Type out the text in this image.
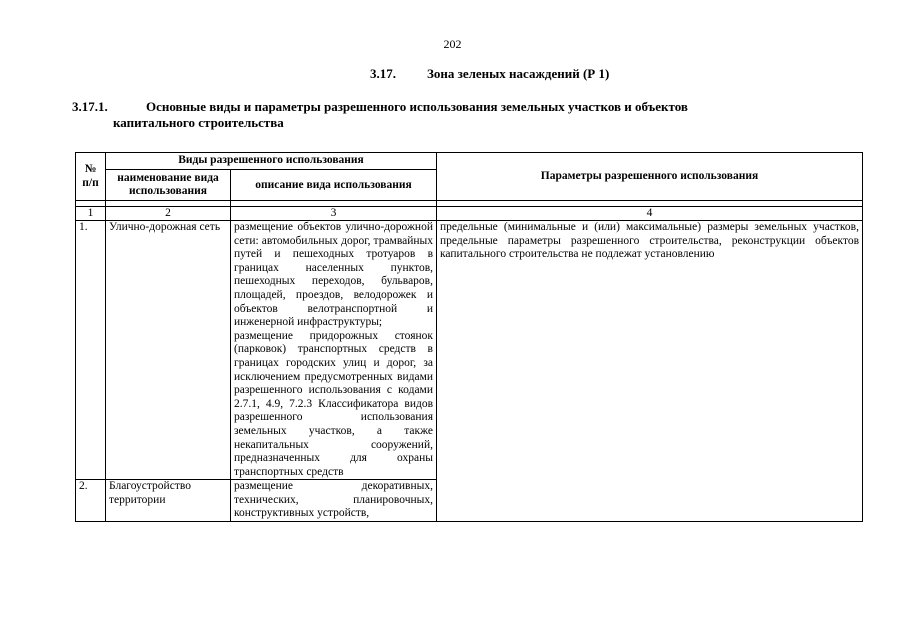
202
3.17. Зона зеленых насаждений (Р 1)
3.17.1.	Основные виды и параметры разрешенного использования земельных участков и объектов
капитального строительства
№ п/п	Виды разрешенного использования		Параметры разрешенного использования
	наименование вида использования	описание вида использования	

1	2	3	4
1.	Улично-дорожная сеть	размещение объектов улично-дорожной сети: автомобильных дорог, трамвайных путей и пешеходных тротуаров в границах населенных пунктов, пешеходных переходов, бульваров, площадей, проездов, велодорожек и объектов велотранспортной и инженерной инфраструктуры;
размещение придорожных стоянок (парковок) транспортных средств в границах городских улиц и дорог, за исключением предусмотренных видами разрешенного использования с кодами 2.7.1, 4.9, 7.2.3 Классификатора видов разрешенного использования земельных участков, а также некапитальных сооружений, предназначенных для охраны транспортных средств	предельные (минимальные и (или) максимальные) размеры земельных участков, предельные параметры разрешенного строительства, реконструкции объектов капитального строительства не подлежат установлению
2.	Благоустройство территории	размещение декоративных, технических, планировочных, конструктивных устройств,	
